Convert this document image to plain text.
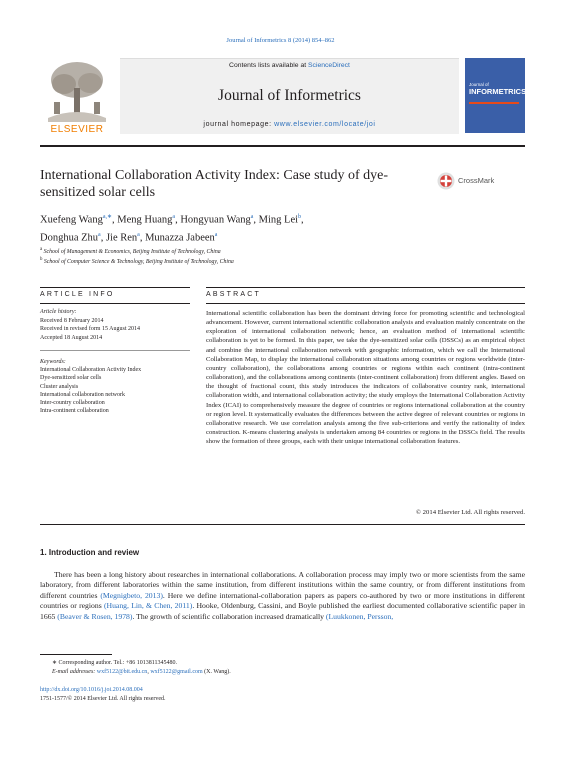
Journal of Informetrics 8 (2014) 854–862
ELSEVIER
Contents lists available at ScienceDirect
Journal of Informetrics
journal homepage: www.elsevier.com/locate/joi
Journal of
INFORMETRICS
International Collaboration Activity Index: Case study of dye-sensitized solar cells
CrossMark
Xuefeng Wang$^{a,∗}$, Meng Huang$^a$, Hongyuan Wang$^a$, Ming Lei$^b$,
Donghua Zhu$^a$, Jie Ren$^a$, Munazza Jabeen$^a$
$^a$ School of Management & Economics, Beijing Institute of Technology, China
$^b$ School of Computer Science & Technology, Beijing Institute of Technology, China
ARTICLE INFO
Article history:
Received 8 February 2014
Received in revised form 15 August 2014
Accepted 18 August 2014
Keywords:
International Collaboration Activity Index
Dye-sensitized solar cells
Cluster analysis
International collaboration network
Inter-country collaboration
Intra-continent collaboration
ABSTRACT
International scientific collaboration has been the dominant driving force for promoting scientific and technological advancement. However, current international scientific collaboration analysis and evaluation mainly concentrate on the exploration of international collaboration network; hence, an evaluation method of international scientific collaboration is yet to be formed. In this paper, we take the dye-sensitized solar cells (DSSCs) as an empirical object and combine the international collaboration network with geographic information, which we call the International Collaboration Map, to display the international collaboration situations among countries or regions worldwide (inter-country collaboration), the collaborations among countries or regions within each continent (intra-continent collaboration), and the collaborations among continents (inter-continent collaboration) from different angles. Based on the thought of fractional count, this study introduces the indicators of collaborative country rank, international collaboration width, and international collaboration activity; the study employs the International Collaboration Activity Index (ICAI) to comprehensively measure the degree of countries or regions international collaboration at the country or region level. It systematically evaluates the differences between the active degree of relevant countries or regions in collaborative research. We use correlation analysis among the five sub-criterions and verify the rationality of index construction. K-means clustering analysis is undertaken among 84 countries or regions in the DSSCs field. The results show the formation of three groups, each with their unique international collaboration features.
© 2014 Elsevier Ltd. All rights reserved.
1. Introduction and review
There has been a long history about researches in international collaborations. A collaboration process may imply two or more scientists from the same laboratory, from different laboratories within the same institution, from different institutions within the same country, or from different institutions from different countries (Megnigbeto, 2013). Here we define international-collaboration papers as papers co-authored by two or more institutions in different countries or regions (Huang, Lin, & Chen, 2011). Hooke, Oldenburg, Cassini, and Boyle published the earliest documented collaborative scientific paper in 1665 (Beaver & Rosen, 1978). The growth of scientific collaboration increased dramatically (Luukkonen, Persson,
∗ Corresponding author. Tel.: +86 1013811345480.
E-mail addresses: wxf5122@bit.edu.cn, wxf5122@gmail.com (X. Wang).
http://dx.doi.org/10.1016/j.joi.2014.08.004
1751-1577/© 2014 Elsevier Ltd. All rights reserved.
